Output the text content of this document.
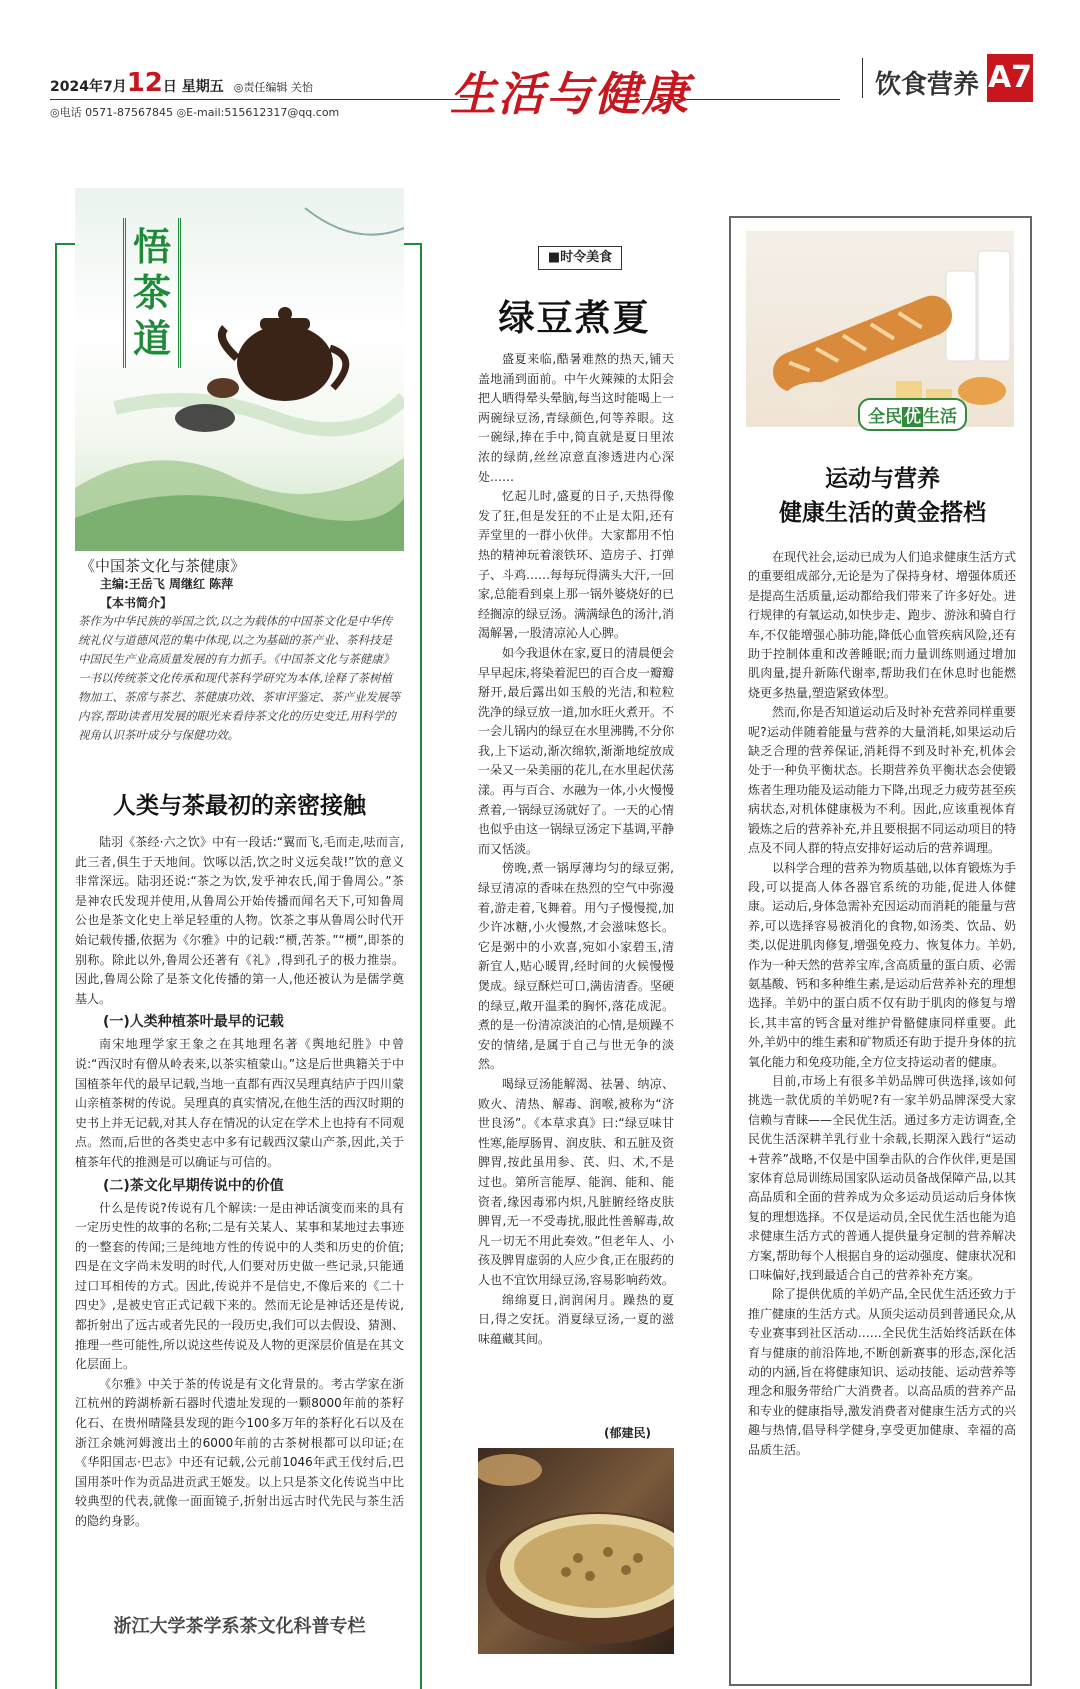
2024年7月12日 星期五 ◎责任编辑 关怡
◎电话 0571-87567845 ◎E-mail:515612317@qq.com 生活与健康	饮食营养 A7
悟茶道
《中国茶文化与茶健康》
主编:王岳飞 周继红 陈萍
【本书简介】
茶作为中华民族的举国之饮,以之为载体的中国茶文化是中华传统礼仪与道德风范的集中体现,以之为基础的茶产业、茶科技是中国民生产业高质量发展的有力抓手。《中国茶文化与茶健康》一书以传统茶文化传承和现代茶科学研究为本体,诠释了茶树植物加工、茶席与茶艺、茶健康功效、茶审评鉴定、茶产业发展等内容,帮助读者用发展的眼光来看待茶文化的历史变迁,用科学的视角认识茶叶成分与保健功效。
人类与茶最初的亲密接触

陆羽《茶经·六之饮》中有一段话:“翼而飞,毛而走,呿而言,此三者,俱生于天地间。饮啄以活,饮之时义远矣哉!”饮的意义非常深远。陆羽还说:“茶之为饮,发乎神农氏,闻于鲁周公。”茶是神农氏发现并使用,从鲁周公开始传播而闻名天下,可知鲁周公也是茶文化史上举足轻重的人物。饮茶之事从鲁周公时代开始记载传播,依据为《尔雅》中的记载:“槚,苦茶。”“槚”,即茶的别称。除此以外,鲁周公还著有《礼》,得到孔子的极力推崇。因此,鲁周公除了是茶文化传播的第一人,他还被认为是儒学奠基人。

(一)人类种植茶叶最早的记载

南宋地理学家王象之在其地理名著《舆地纪胜》中曾说:“西汉时有僧从岭表来,以茶实植蒙山。”这是后世典籍关于中国植茶年代的最早记载,当地一直都有西汉吴理真结庐于四川蒙山亲植茶树的传说。吴理真的真实情况,在他生活的西汉时期的史书上并无记载,对其人存在情况的认定在学术上也持有不同观点。然而,后世的各类史志中多有记载西汉蒙山产茶,因此,关于植茶年代的推测是可以确证与可信的。

(二)茶文化早期传说中的价值

什么是传说?传说有几个解读:一是由神话演变而来的具有一定历史性的故事的名称;二是有关某人、某事和某地过去事迹的一整套的传闻;三是纯地方性的传说中的人类和历史的价值;四是在文字尚未发明的时代,人们要对历史做一些记录,只能通过口耳相传的方式。因此,传说并不是信史,不像后来的《二十四史》,是被史官正式记载下来的。然而无论是神话还是传说,都折射出了远古或者先民的一段历史,我们可以去假设、猜测、推理一些可能性,所以说这些传说及人物的更深层价值是在其文化层面上。

《尔雅》中关于茶的传说是有文化背景的。考古学家在浙江杭州的跨湖桥新石器时代遗址发现的一颗8000年前的茶籽化石、在贵州晴隆县发现的距今100多万年的茶籽化石以及在浙江余姚河姆渡出土的6000年前的古茶树根都可以印证;在《华阳国志·巴志》中还有记载,公元前1046年武王伐纣后,巴国用茶叶作为贡品进贡武王姬发。以上只是茶文化传说当中比较典型的代表,就像一面面镜子,折射出远古时代先民与茶生活的隐约身影。

浙江大学茶学系茶文化科普专栏
■时令美食
绿豆煮夏

盛夏来临,酷暑难熬的热天,铺天盖地涌到面前。中午火辣辣的太阳会把人晒得晕头晕脑,每当这时能喝上一两碗绿豆汤,青绿颜色,何等养眼。这一碗绿,捧在手中,简直就是夏日里浓浓的绿荫,丝丝凉意直渗透进内心深处……

忆起儿时,盛夏的日子,天热得像发了狂,但是发狂的不止是太阳,还有弄堂里的一群小伙伴。大家都用不怕热的精神玩着滚铁环、造房子、打弹子、斗鸡……每每玩得满头大汗,一回家,总能看到桌上那一锅外婆烧好的已经搁凉的绿豆汤。满满绿色的汤汁,消渴解暑,一股清凉沁人心脾。

如今我退休在家,夏日的清晨便会早早起床,将染着泥巴的百合皮一瓣瓣掰开,最后露出如玉般的光洁,和粒粒洗净的绿豆放一道,加水旺火煮开。不一会儿锅内的绿豆在水里沸腾,不分你我,上下运动,渐次绵软,渐渐地绽放成一朵又一朵美丽的花儿,在水里起伏荡漾。再与百合、水融为一体,小火慢慢煮着,一锅绿豆汤就好了。一天的心情也似乎由这一锅绿豆汤定下基调,平静而又恬淡。

傍晚,煮一锅厚薄均匀的绿豆粥,绿豆清凉的香味在热烈的空气中弥漫着,游走着,飞舞着。用勺子慢慢搅,加少许冰糖,小火慢熬,才会滋味悠长。它是粥中的小欢喜,宛如小家碧玉,清新宜人,贴心暖胃,经时间的火候慢慢煲成。绿豆酥烂可口,满齿清香。坚硬的绿豆,敞开温柔的胸怀,落花成泥。煮的是一份清凉淡泊的心情,是烦躁不安的情绪,是属于自己与世无争的淡然。

喝绿豆汤能解渴、祛暑、纳凉、败火、清热、解毒、润喉,被称为“济世良汤”。《本草求真》曰:“绿豆味甘性寒,能厚肠胃、润皮肤、和五脏及资脾胃,按此虽用参、芪、归、术,不是过也。第所言能厚、能润、能和、能资者,缘因毒邪内炽,凡脏腑经络皮肤脾胃,无一不受毒扰,服此性善解毒,故凡一切无不用此奏效。”但老年人、小孩及脾胃虚弱的人应少食,正在服药的人也不宜饮用绿豆汤,容易影响药效。

绵绵夏日,润润闲月。躁热的夏日,得之安抚。消夏绿豆汤,一夏的滋味蕴藏其间。

(郁建民)
全民 优 生活
运动与营养
健康生活的黄金搭档

在现代社会,运动已成为人们追求健康生活方式的重要组成部分,无论是为了保持身材、增强体质还是提高生活质量,运动都给我们带来了许多好处。进行规律的有氧运动,如快步走、跑步、游泳和骑自行车,不仅能增强心肺功能,降低心血管疾病风险,还有助于控制体重和改善睡眠;而力量训练则通过增加肌肉量,提升新陈代谢率,帮助我们在休息时也能燃烧更多热量,塑造紧致体型。

然而,你是否知道运动后及时补充营养同样重要呢?运动伴随着能量与营养的大量消耗,如果运动后缺乏合理的营养保证,消耗得不到及时补充,机体会处于一种负平衡状态。长期营养负平衡状态会使锻炼者生理功能及运动能力下降,出现乏力疲劳甚至疾病状态,对机体健康极为不利。因此,应该重视体育锻炼之后的营养补充,并且要根据不同运动项目的特点及不同人群的特点安排好运动后的营养调理。

以科学合理的营养为物质基础,以体育锻炼为手段,可以提高人体各器官系统的功能,促进人体健康。运动后,身体急需补充因运动而消耗的能量与营养,可以选择容易被消化的食物,如汤类、饮品、奶类,以促进肌肉修复,增强免疫力、恢复体力。羊奶,作为一种天然的营养宝库,含高质量的蛋白质、必需氨基酸、钙和多种维生素,是运动后营养补充的理想选择。羊奶中的蛋白质不仅有助于肌肉的修复与增长,其丰富的钙含量对维护骨骼健康同样重要。此外,羊奶中的维生素和矿物质还有助于提升身体的抗氧化能力和免疫功能,全方位支持运动者的健康。

目前,市场上有很多羊奶品牌可供选择,该如何挑选一款优质的羊奶呢?有一家羊奶品牌深受大家信赖与青睐——全民优生活。通过多方走访调查,全民优生活深耕羊乳行业十余载,长期深入践行“运动+营养”战略,不仅是中国拳击队的合作伙伴,更是国家体育总局训练局国家队运动员备战保障产品,以其高品质和全面的营养成为众多运动员运动后身体恢复的理想选择。不仅是运动员,全民优生活也能为追求健康生活方式的普通人提供量身定制的营养解决方案,帮助每个人根据自身的运动强度、健康状况和口味偏好,找到最适合自己的营养补充方案。

除了提供优质的羊奶产品,全民优生活还致力于推广健康的生活方式。从顶尖运动员到普通民众,从专业赛事到社区活动……全民优生活始终活跃在体育与健康的前沿阵地,不断创新赛事的形态,深化活动的内涵,旨在将健康知识、运动技能、运动营养等理念和服务带给广大消费者。以高品质的营养产品和专业的健康指导,激发消费者对健康生活方式的兴趣与热情,倡导科学健身,享受更加健康、幸福的高品质生活。
